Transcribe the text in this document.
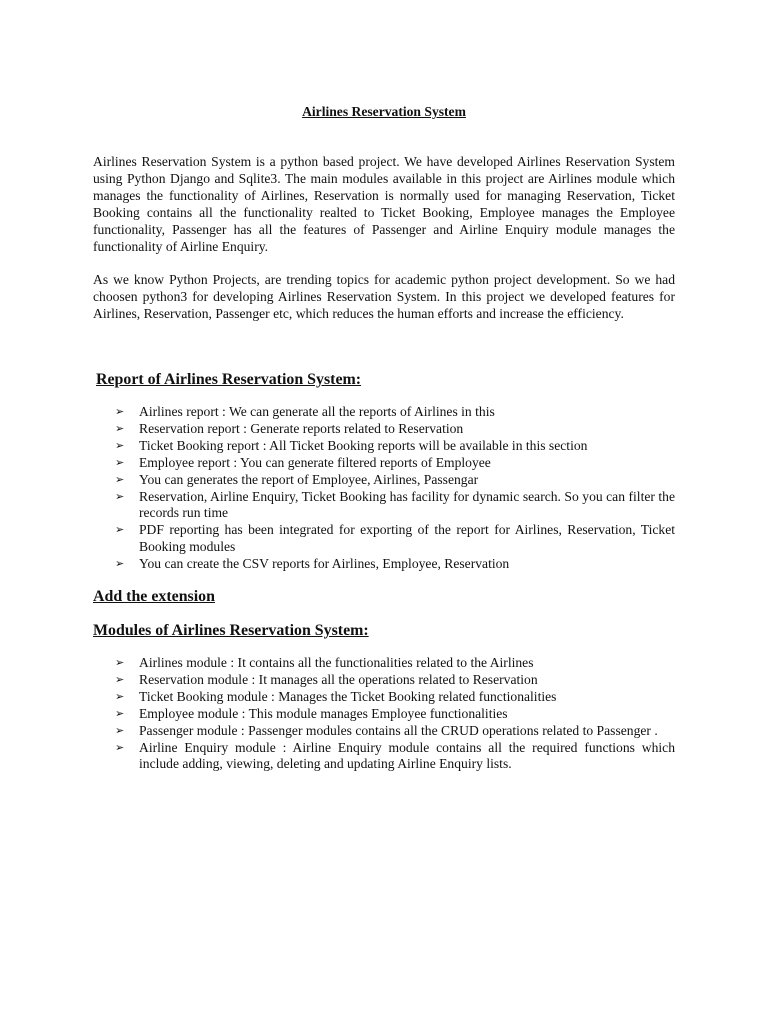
Airlines Reservation System

Airlines Reservation System is a python based project. We have developed Airlines Reservation System using Python Django and Sqlite3. The main modules available in this project are Airlines module which manages the functionality of Airlines, Reservation is normally used for managing Reservation, Ticket Booking contains all the functionality realted to Ticket Booking, Employee manages the Employee functionality, Passenger has all the features of Passenger and Airline Enquiry module manages the functionality of Airline Enquiry.

As we know Python Projects, are trending topics for academic python project development. So we had choosen python3 for developing Airlines Reservation System. In this project we developed features for Airlines, Reservation, Passenger etc, which reduces the human efforts and increase the efficiency.

Report of Airlines Reservation System:
➢ Airlines report : We can generate all the reports of Airlines in this
➢ Reservation report : Generate reports related to Reservation
➢ Ticket Booking report : All Ticket Booking reports will be available in this section
➢ Employee report : You can generate filtered reports of Employee
➢ You can generates the report of Employee, Airlines, Passengar
➢ Reservation, Airline Enquiry, Ticket Booking has facility for dynamic search. So you can filter the records run time
➢ PDF reporting has been integrated for exporting of the report for Airlines, Reservation, Ticket Booking modules
➢ You can create the CSV reports for Airlines, Employee, Reservation
Add the extension
Modules of Airlines Reservation System:
➢ Airlines module : It contains all the functionalities related to the Airlines
➢ Reservation module : It manages all the operations related to Reservation
➢ Ticket Booking module : Manages the Ticket Booking related functionalities
➢ Employee module : This module manages Employee functionalities
➢ Passenger module : Passenger modules contains all the CRUD operations related to Passenger .
➢ Airline Enquiry module : Airline Enquiry module contains all the required functions which include adding, viewing, deleting and updating Airline Enquiry lists.
